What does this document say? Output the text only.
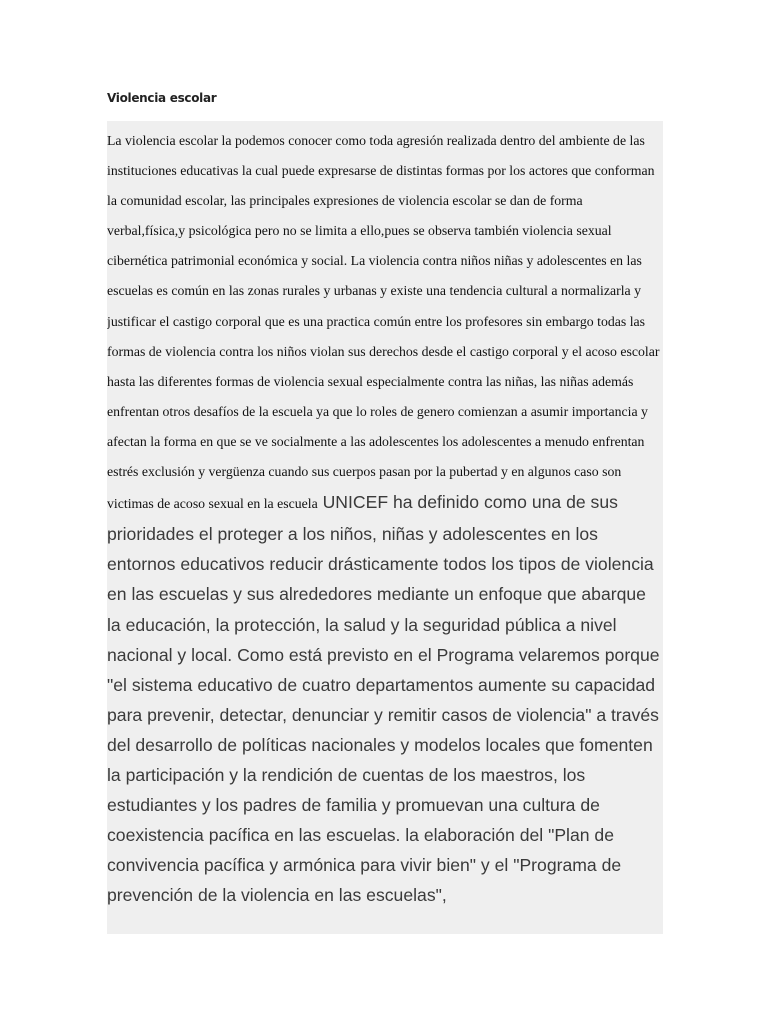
Violencia escolar

La violencia escolar la podemos conocer como toda agresión realizada dentro del ambiente de las instituciones educativas la cual puede expresarse de distintas formas por los actores que conforman la comunidad escolar, las principales expresiones de violencia escolar se dan de forma verbal,física,y psicológica pero no se limita a ello,pues se observa también violencia sexual cibernética patrimonial económica y social. La violencia contra niños niñas y adolescentes en las escuelas es común en las zonas rurales y urbanas y existe una tendencia cultural a normalizarla y justificar el castigo corporal que es una practica común entre los profesores sin embargo todas las formas de violencia contra los niños violan sus derechos desde el castigo corporal y el acoso escolar hasta las diferentes formas de violencia sexual especialmente contra las niñas, las niñas además enfrentan otros desafíos de la escuela ya que lo roles de genero comienzan a asumir importancia y afectan la forma en que se ve socialmente a las adolescentes los adolescentes a menudo enfrentan estrés exclusión y vergüenza cuando sus cuerpos pasan por la pubertad y en algunos caso son victimas de acoso sexual en la escuela UNICEF ha definido como una de sus prioridades el proteger a los niños, niñas y adolescentes en los entornos educativos reducir drásticamente todos los tipos de violencia en las escuelas y sus alrededores mediante un enfoque que abarque la educación, la protección, la salud y la seguridad pública a nivel nacional y local. Como está previsto en el Programa velaremos porque "el sistema educativo de cuatro departamentos aumente su capacidad para prevenir, detectar, denunciar y remitir casos de violencia" a través del desarrollo de políticas nacionales y modelos locales que fomenten la participación y la rendición de cuentas de los maestros, los estudiantes y los padres de familia y promuevan una cultura de coexistencia pacífica en las escuelas. la elaboración del "Plan de convivencia pacífica y armónica para vivir bien" y el "Programa de prevención de la violencia en las escuelas",
